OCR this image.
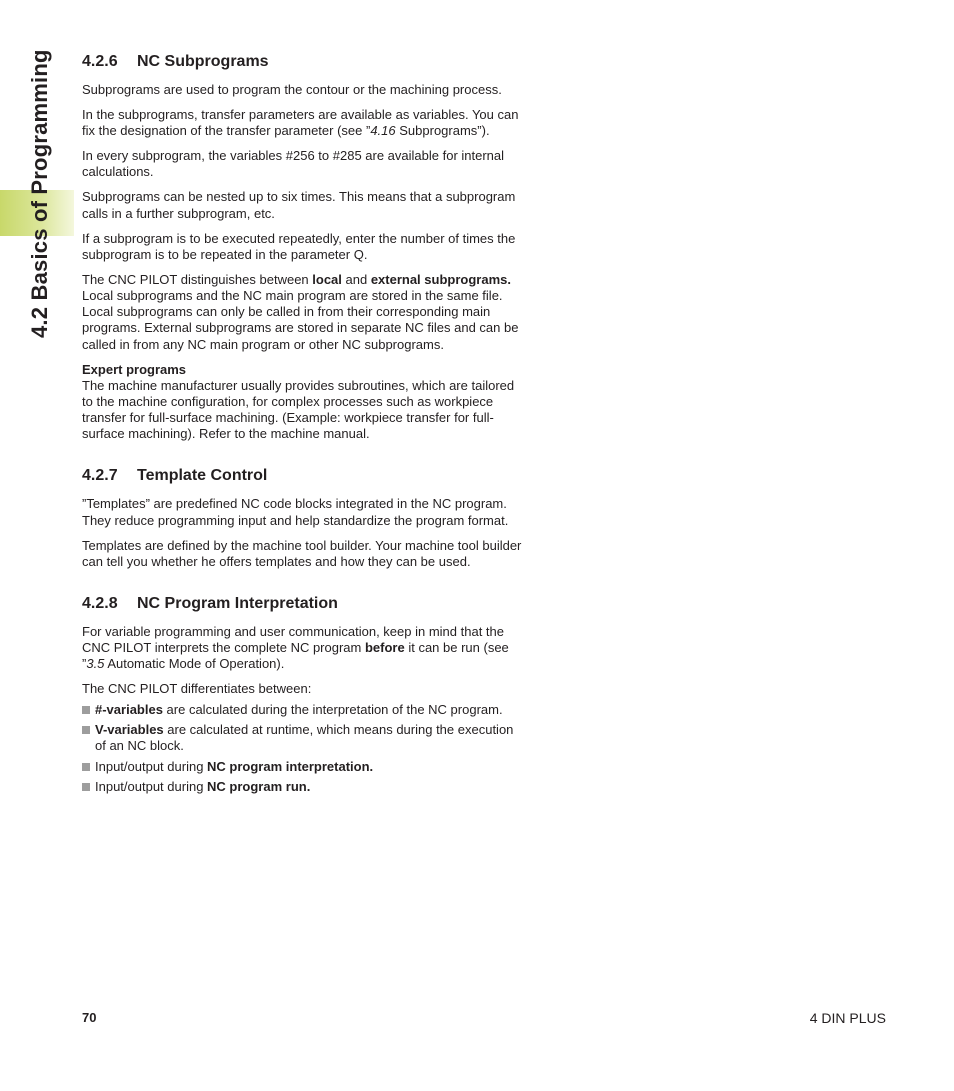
4.2 Basics of Programming 4.2.6	NC Subprograms

Subprograms are used to program the contour or the machining process.

In the subprograms, transfer parameters are available as variables. You can fix the designation of the transfer parameter (see ”4.16 Subprograms”).

In every subprogram, the variables #256 to #285 are available for internal calculations.

Subprograms can be nested up to six times. This means that a subprogram calls in a further subprogram, etc.

If a subprogram is to be executed repeatedly, enter the number of times the subprogram is to be repeated in the parameter Q.

The CNC PILOT distinguishes between local and external subprograms. Local subprograms and the NC main program are stored in the same file. Local subprograms can only be called in from their corresponding main programs. External subprograms are stored in separate NC files and can be called in from any NC main program or other NC subprograms.

Expert programs

The machine manufacturer usually provides subroutines, which are tailored to the machine configuration, for complex processes such as workpiece transfer for full-surface machining. (Example: workpiece transfer for full-surface machining). Refer to the machine manual.

4.2.7	Template Control

”Templates” are predefined NC code blocks integrated in the NC program. They reduce programming input and help standardize the program format.

Templates are defined by the machine tool builder. Your machine tool builder can tell you whether he offers templates and how they can be used.

4.2.8	NC Program Interpretation

For variable programming and user communication, keep in mind that the CNC PILOT interprets the complete NC program before it can be run (see ”3.5 Automatic Mode of Operation).

The CNC PILOT differentiates between:

#-variables are calculated during the interpretation of the NC program.
V-variables are calculated at runtime, which means during the execution of an NC block.
Input/output during NC program interpretation.
Input/output during NC program run.
70	4 DIN PLUS
